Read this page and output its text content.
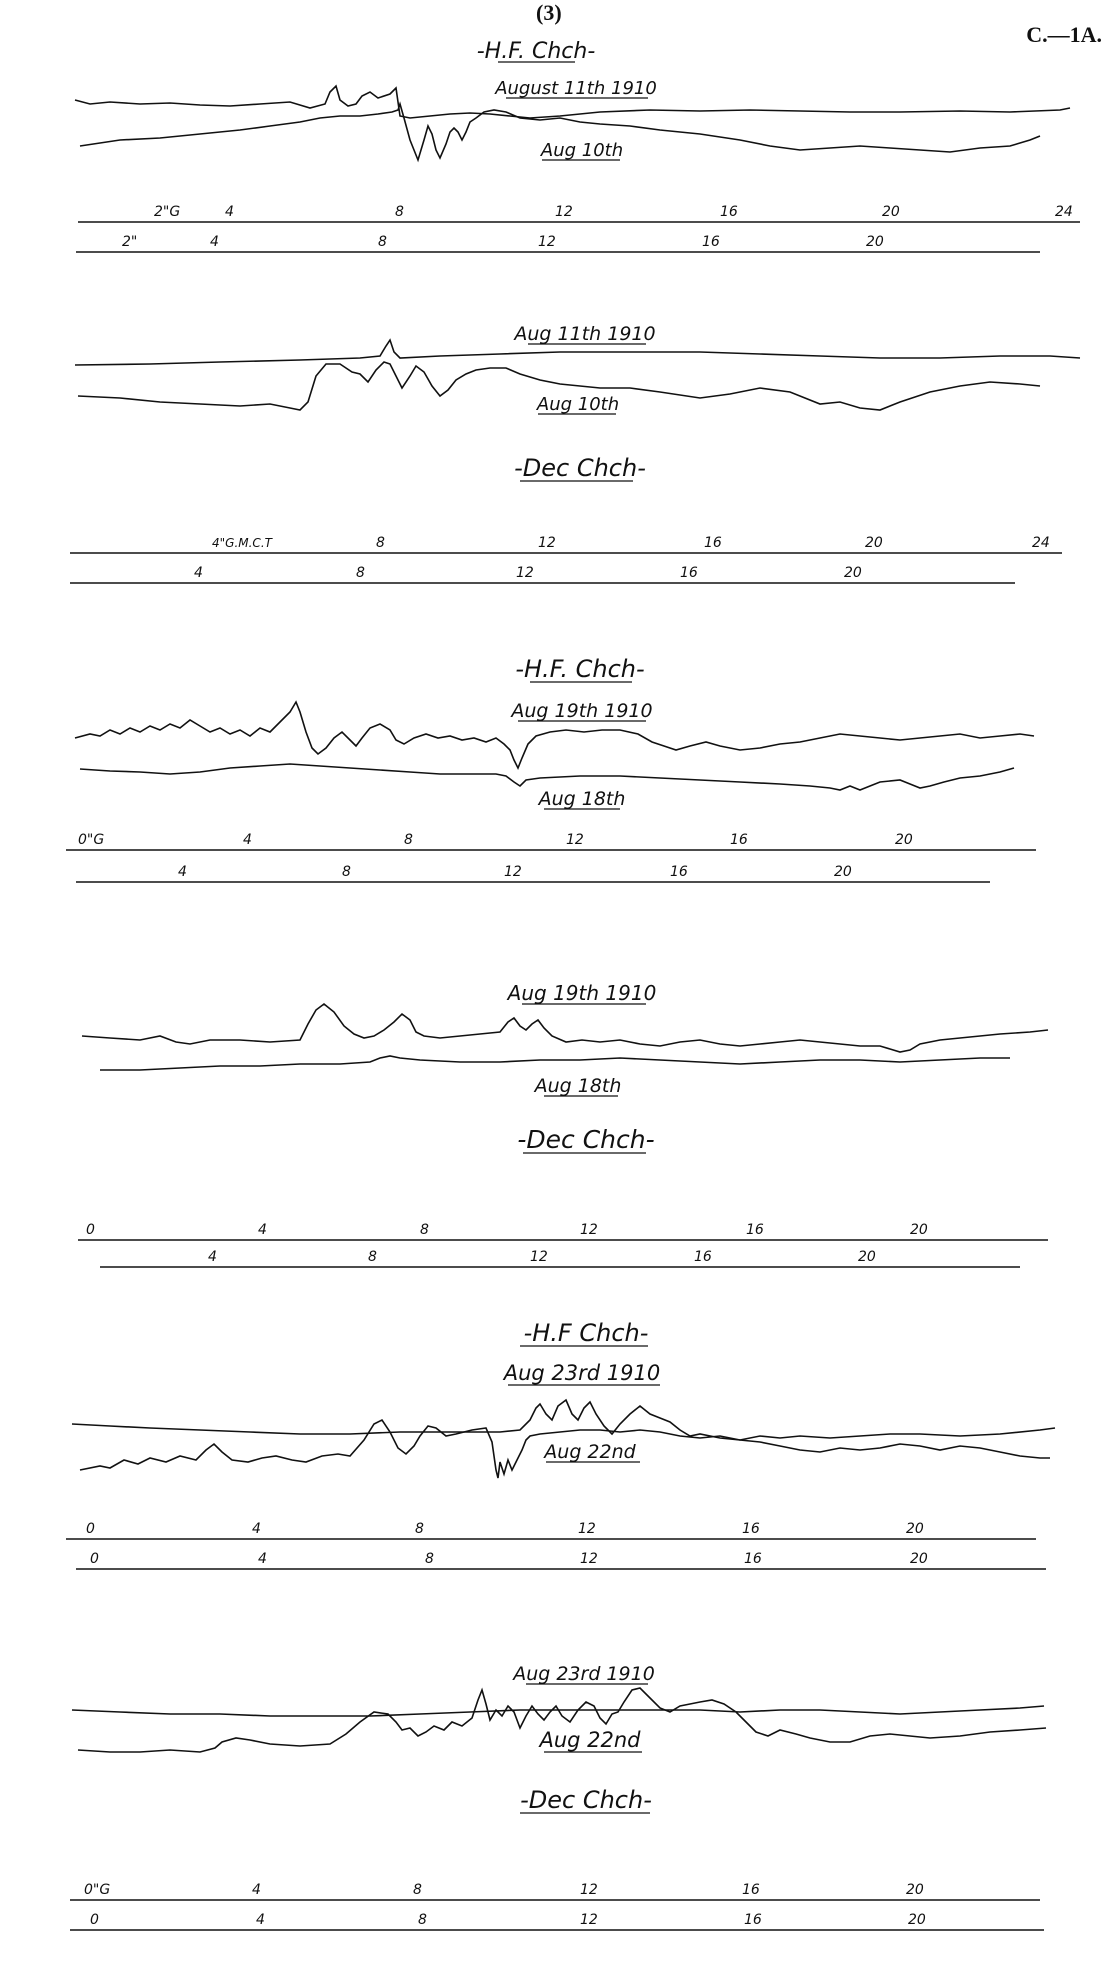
(3)
C.—1A.
-H.F. Chch-
August 11th 1910
Aug 10th
2"G	4	8	12	16	20	24
2"	4	8	12	16	20
Aug 11th 1910
Aug 10th
-Dec Chch-
4"G.M.C.T	8	12	16	20	24
4	8	12	16	20
-H.F. Chch-
Aug 19th 1910
Aug 18th
0"G	4	8	12	16	20
4	8	12	16	20
Aug 19th 1910
Aug 18th
-Dec Chch-
0	4	8	12	16	20
4	8	12	16	20
-H.F Chch-
Aug 23rd 1910
Aug 22nd
0	4	8	12	16	20
0	4	8	12	16	20
Aug 23rd 1910
Aug 22nd
-Dec Chch-
0"G	4	8	12	16	20
0	4	8	12	16	20
